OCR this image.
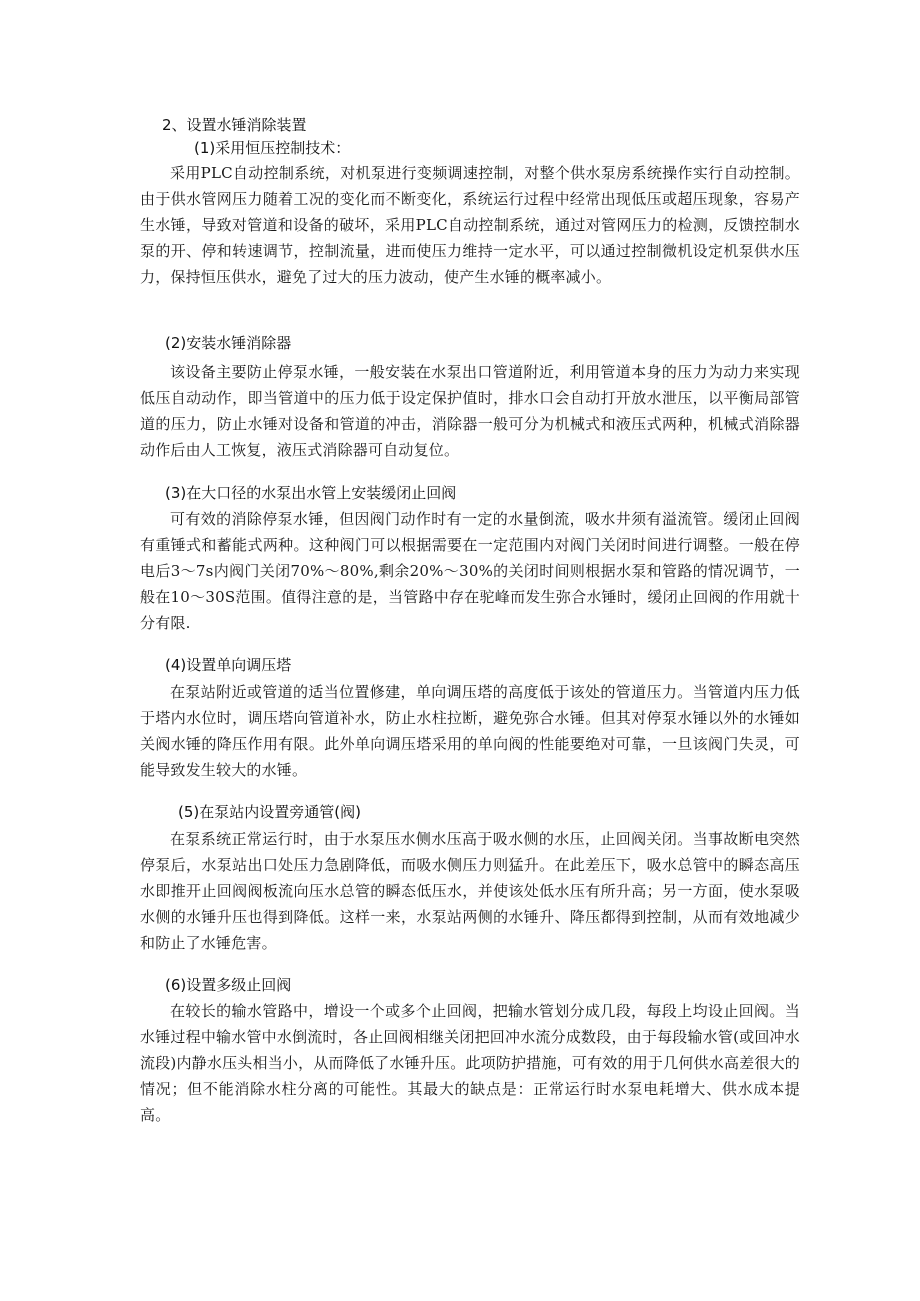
2、设置水锤消除装置
(1)采用恒压控制技术：
采用PLC自动控制系统，对机泵进行变频调速控制，对整个供水泵房系统操作实行自动控制。由于供水管网压力随着工况的变化而不断变化，系统运行过程中经常出现低压或超压现象，容易产生水锤，导致对管道和设备的破坏，采用PLC自动控制系统，通过对管网压力的检测，反馈控制水泵的开、停和转速调节，控制流量，进而使压力维持一定水平，可以通过控制微机设定机泵供水压力，保持恒压供水，避免了过大的压力波动，使产生水锤的概率减小。
(2)安装水锤消除器
该设备主要防止停泵水锤，一般安装在水泵出口管道附近，利用管道本身的压力为动力来实现低压自动动作，即当管道中的压力低于设定保护值时，排水口会自动打开放水泄压，以平衡局部管道的压力，防止水锤对设备和管道的冲击，消除器一般可分为机械式和液压式两种，机械式消除器动作后由人工恢复，液压式消除器可自动复位。
(3)在大口径的水泵出水管上安装缓闭止回阀
可有效的消除停泵水锤，但因阀门动作时有一定的水量倒流，吸水井须有溢流管。缓闭止回阀有重锤式和蓄能式两种。这种阀门可以根据需要在一定范围内对阀门关闭时间进行调整。一般在停电后3～7s内阀门关闭70%～80%,剩余20%～30%的关闭时间则根据水泵和管路的情况调节，一般在10～30S范围。值得注意的是，当管路中存在驼峰而发生弥合水锤时，缓闭止回阀的作用就十分有限.
(4)设置单向调压塔
在泵站附近或管道的适当位置修建，单向调压塔的高度低于该处的管道压力。当管道内压力低于塔内水位时，调压塔向管道补水，防止水柱拉断，避免弥合水锤。但其对停泵水锤以外的水锤如关阀水锤的降压作用有限。此外单向调压塔采用的单向阀的性能要绝对可靠，一旦该阀门失灵，可能导致发生较大的水锤。
(5)在泵站内设置旁通管(阀)
在泵系统正常运行时，由于水泵压水侧水压高于吸水侧的水压，止回阀关闭。当事故断电突然停泵后，水泵站出口处压力急剧降低，而吸水侧压力则猛升。在此差压下，吸水总管中的瞬态高压水即推开止回阀阀板流向压水总管的瞬态低压水，并使该处低水压有所升高；另一方面，使水泵吸水侧的水锤升压也得到降低。这样一来，水泵站两侧的水锤升、降压都得到控制，从而有效地减少和防止了水锤危害。
(6)设置多级止回阀
在较长的输水管路中，增设一个或多个止回阀，把输水管划分成几段，每段上均设止回阀。当水锤过程中输水管中水倒流时，各止回阀相继关闭把回冲水流分成数段，由于每段输水管(或回冲水流段)内静水压头相当小，从而降低了水锤升压。此项防护措施，可有效的用于几何供水高差很大的情况；但不能消除水柱分离的可能性。其最大的缺点是：正常运行时水泵电耗增大、供水成本提高。
